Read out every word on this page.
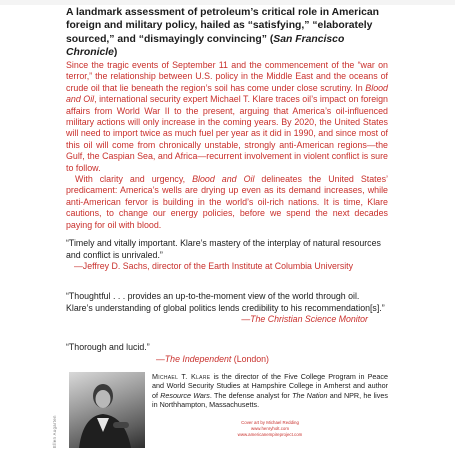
A landmark assessment of petroleum’s critical role in American foreign and military policy, hailed as “satisfying,” “elaborately sourced,” and “dismayingly convincing” (San Francisco Chronicle)

Since the tragic events of September 11 and the commencement of the “war on terror,” the relationship between U.S. policy in the Middle East and the oceans of crude oil that lie beneath the region’s soil has come under close scrutiny. In Blood and Oil, international security expert Michael T. Klare traces oil’s impact on foreign affairs from World War II to the present, arguing that America’s oil-influenced military actions will only increase in the coming years. By 2020, the United States will need to import twice as much fuel per year as it did in 1990, and since most of this oil will come from chronically unstable, strongly anti-American regions—the Gulf, the Caspian Sea, and Africa—recurrent involvement in violent conflict is sure to follow.

With clarity and urgency, Blood and Oil delineates the United States’ predicament: America’s wells are drying up even as its demand increases, while anti-American fervor is building in the world’s oil-rich nations. It is time, Klare cautions, to change our energy policies, before we spend the next decades paying for oil with blood.

“Timely and vitally important. Klare’s mastery of the interplay of natural resources and conflict is unrivaled.”
—Jeffrey D. Sachs, director of the Earth Institute at Columbia University
“Thoughtful . . . provides an up-to-the-moment view of the world through oil. Klare’s understanding of global politics lends credibility to his recommendation[s].”
—The Christian Science Monitor
“Thorough and lucid.”
—The Independent (London)
Ellen Augarten
Michael T. Klare is the director of the Five College Program in Peace and World Security Studies at Hampshire College in Amherst and author of Resource Wars. The defense analyst for The Nation and NPR, he lives in Northhampton, Massachusetts.
Cover art by Michael Redding
www.henryholt.com
www.americanempireproject.com
